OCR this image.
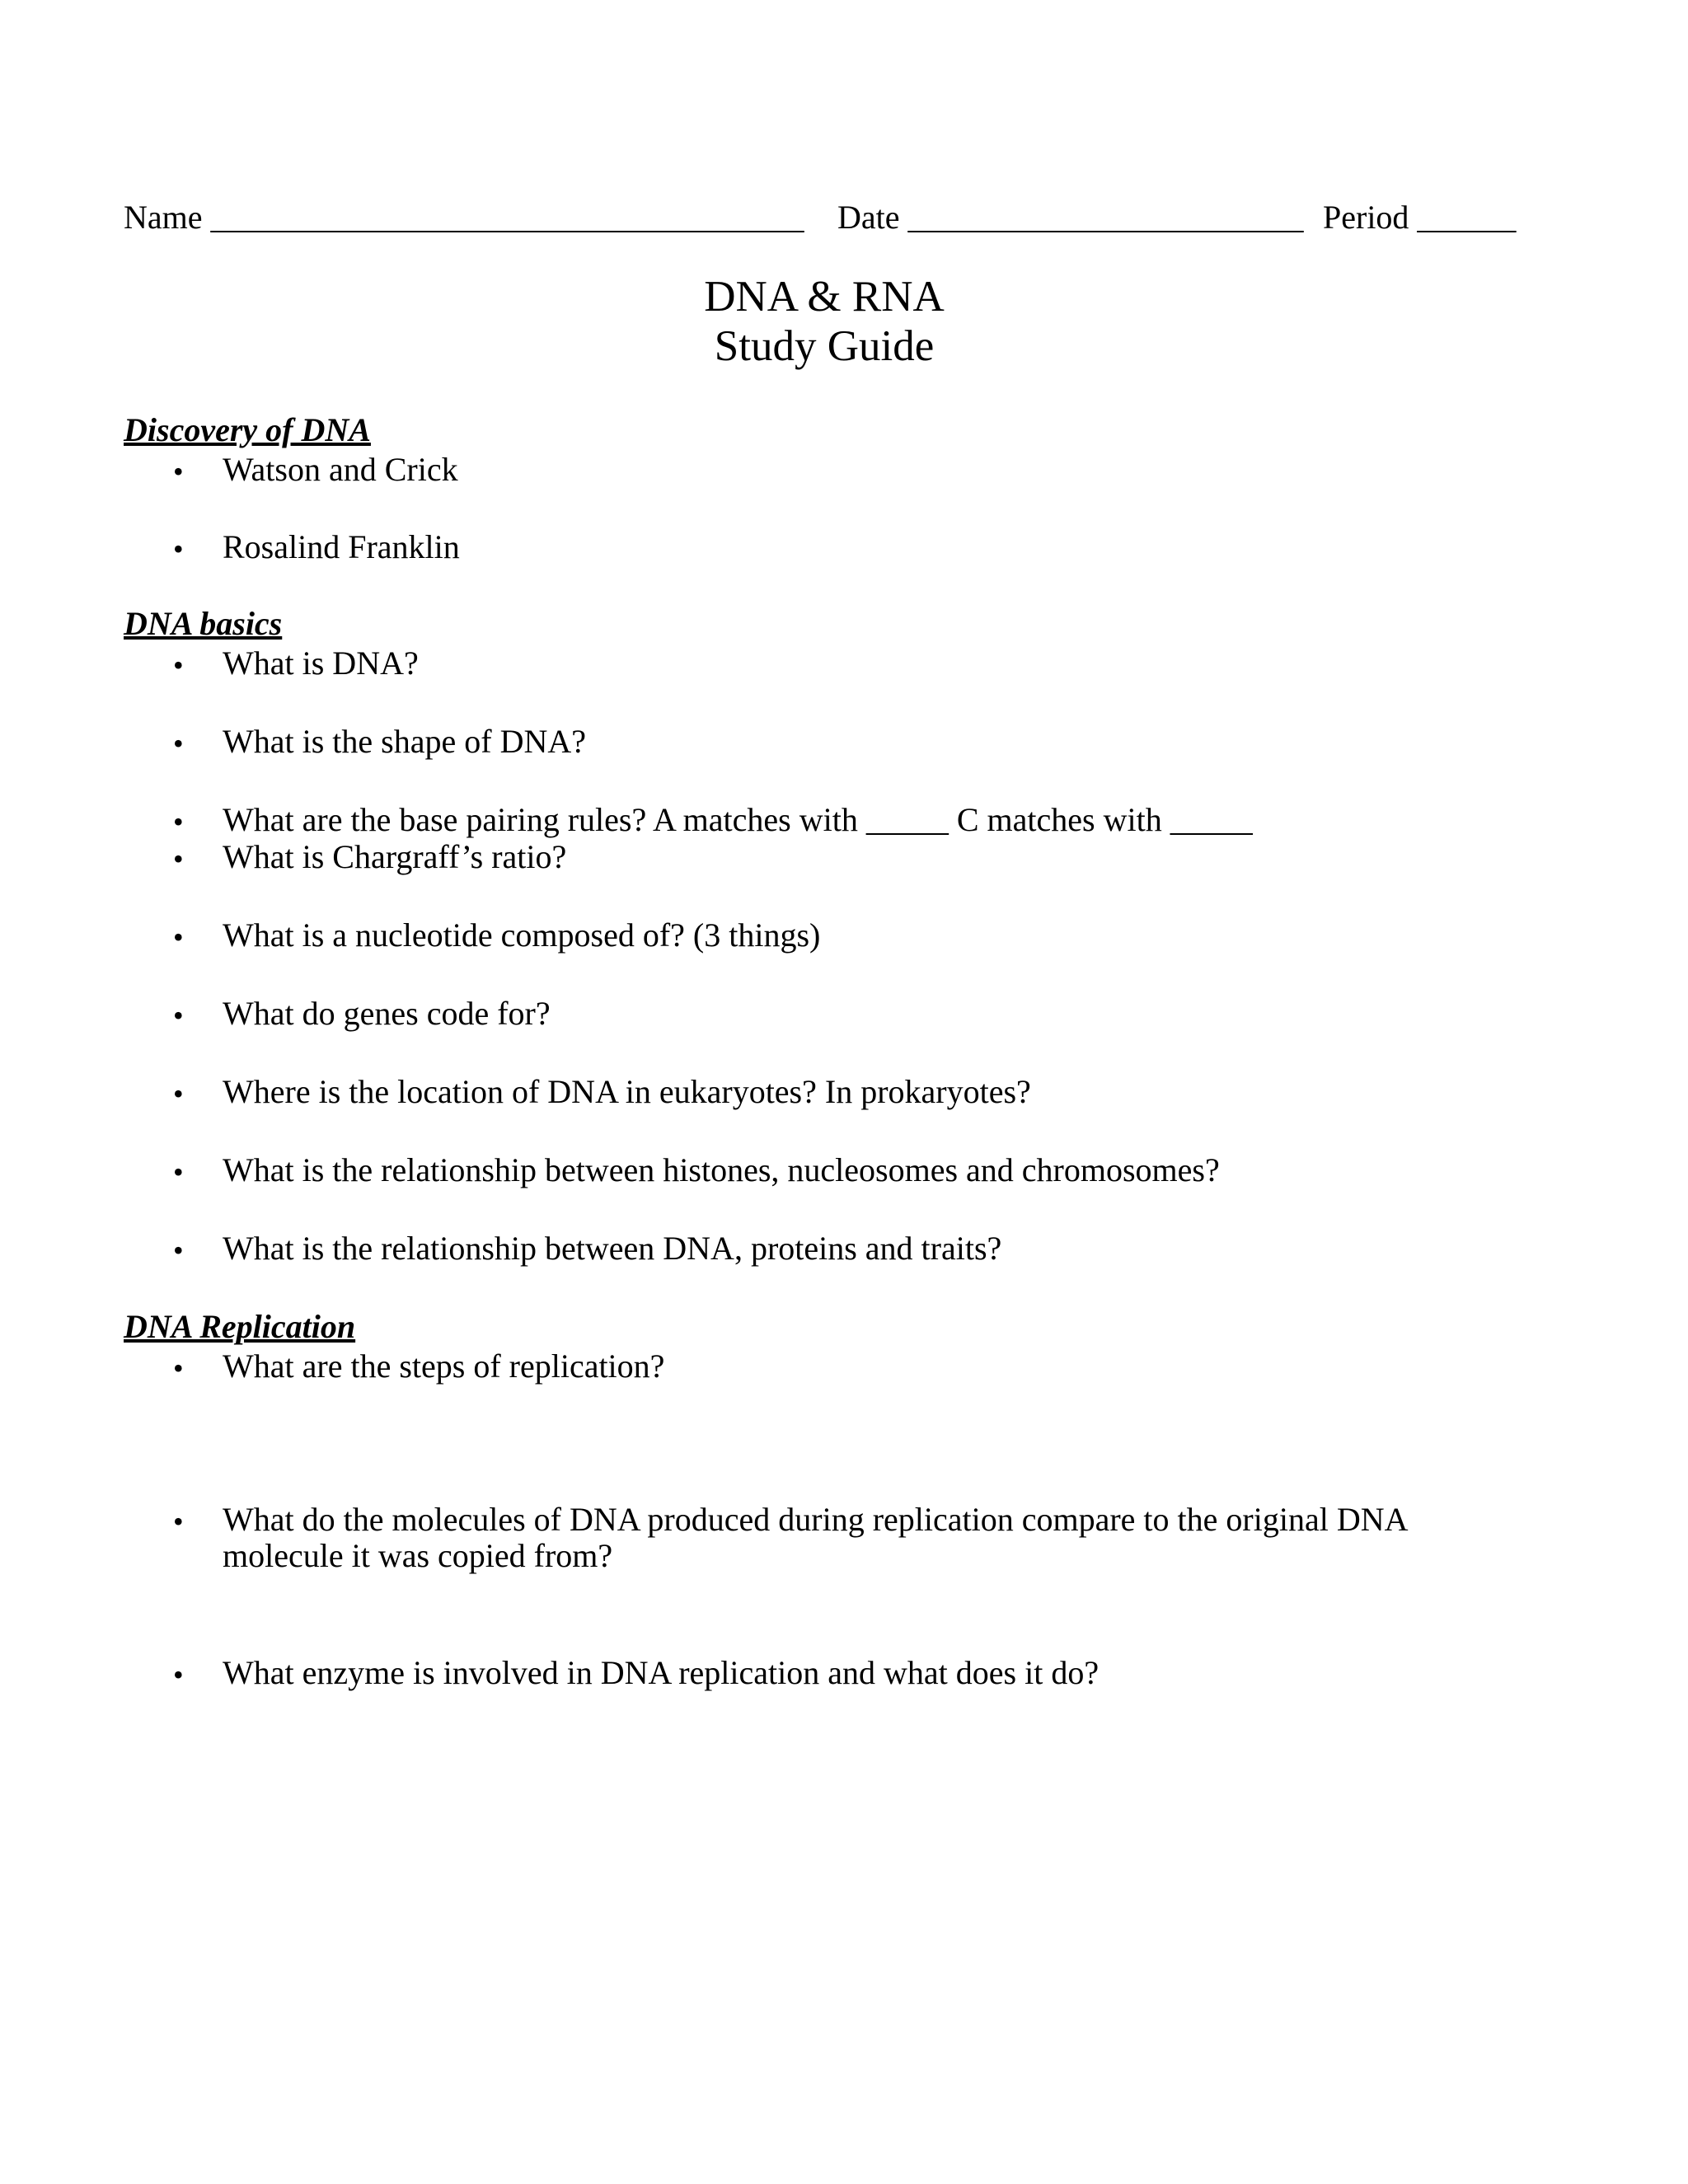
Name ____________________________________ Date ________________________ Period ______
DNA & RNA
Study Guide
Discovery of DNA
• Watson and Crick
• Rosalind Franklin
DNA basics
• What is DNA?
• What is the shape of DNA?
• What are the base pairing rules? A matches with _____ C matches with _____
• What is Chargraff’s ratio?
• What is a nucleotide composed of? (3 things)
• What do genes code for?
• Where is the location of DNA in eukaryotes? In prokaryotes?
• What is the relationship between histones, nucleosomes and chromosomes?
• What is the relationship between DNA, proteins and traits?
DNA Replication
• What are the steps of replication?
• What do the molecules of DNA produced during replication compare to the original DNA
molecule it was copied from?
• What enzyme is involved in DNA replication and what does it do?
